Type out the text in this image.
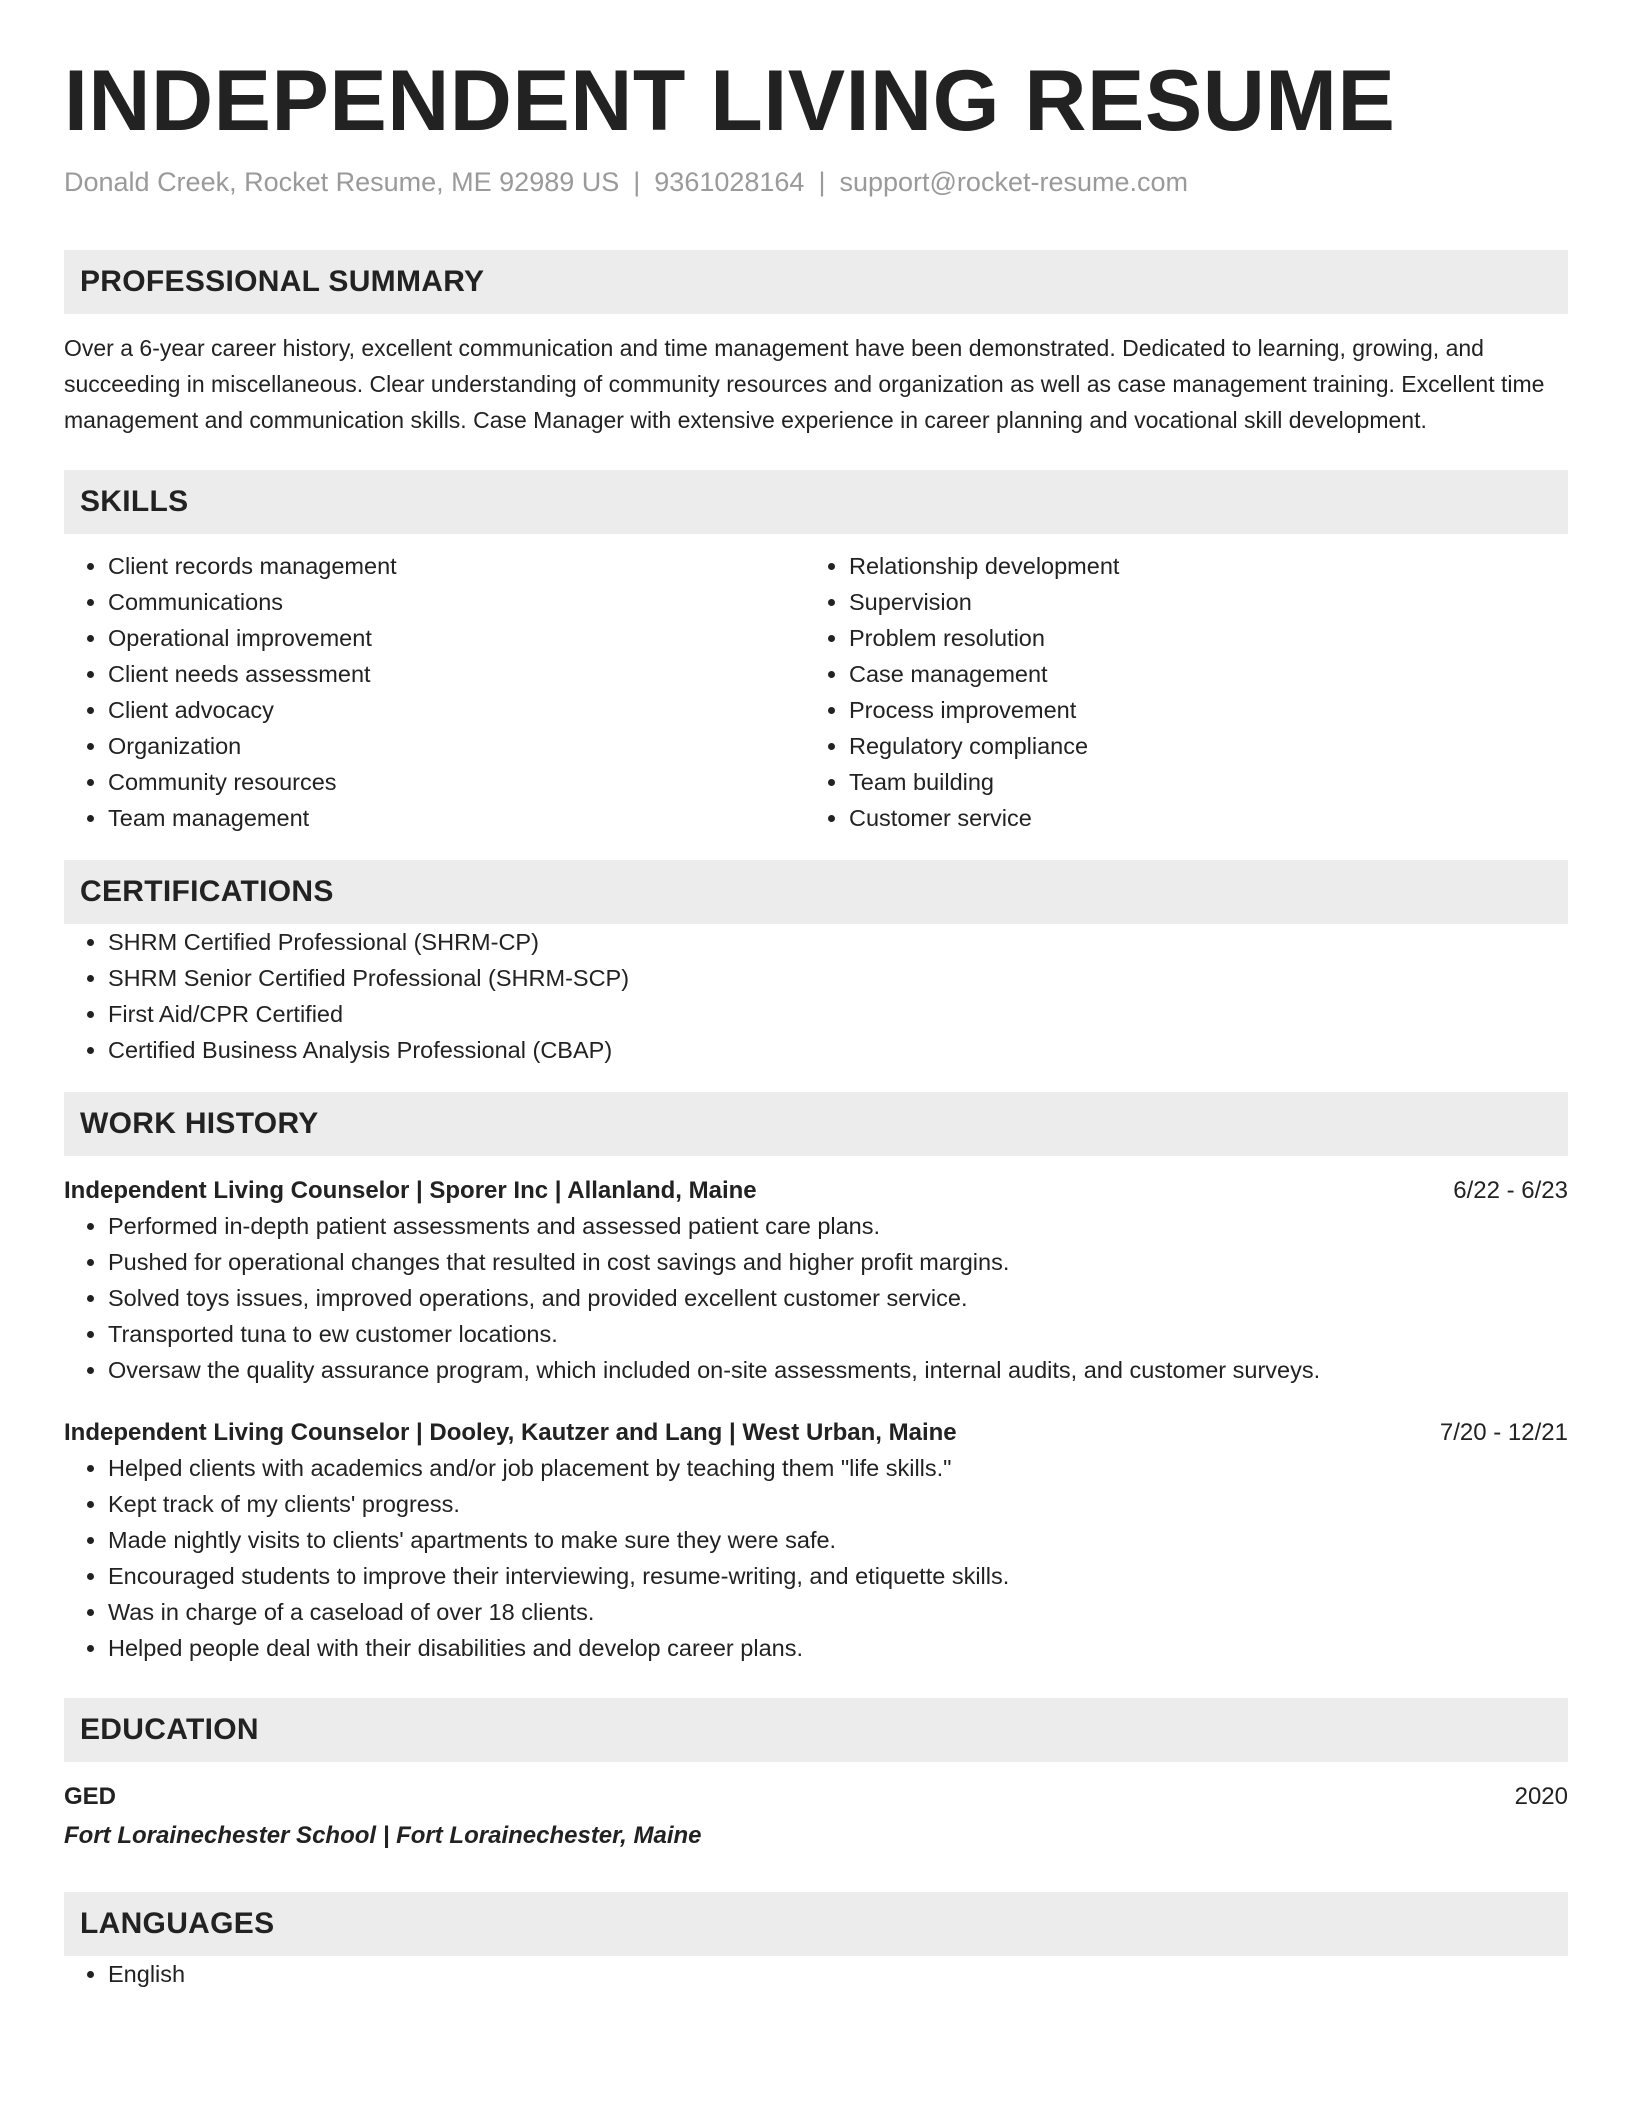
INDEPENDENT LIVING RESUME
Donald Creek, Rocket Resume, ME 92989 US | 9361028164 | support@rocket-resume.com
PROFESSIONAL SUMMARY
Over a 6-year career history, excellent communication and time management have been demonstrated. Dedicated to learning, growing, and succeeding in miscellaneous. Clear understanding of community resources and organization as well as case management training. Excellent time management and communication skills. Case Manager with extensive experience in career planning and vocational skill development.
SKILLS
• Client records management
• Communications
• Operational improvement
• Client needs assessment
• Client advocacy
• Organization
• Community resources
• Team management
• Relationship development
• Supervision
• Problem resolution
• Case management
• Process improvement
• Regulatory compliance
• Team building
• Customer service
CERTIFICATIONS
• SHRM Certified Professional (SHRM-CP)
• SHRM Senior Certified Professional (SHRM-SCP)
• First Aid/CPR Certified
• Certified Business Analysis Professional (CBAP)
WORK HISTORY
Independent Living Counselor | Sporer Inc | Allanland, Maine	6/22 - 6/23
• Performed in-depth patient assessments and assessed patient care plans.
• Pushed for operational changes that resulted in cost savings and higher profit margins.
• Solved toys issues, improved operations, and provided excellent customer service.
• Transported tuna to ew customer locations.
• Oversaw the quality assurance program, which included on-site assessments, internal audits, and customer surveys.
Independent Living Counselor | Dooley, Kautzer and Lang | West Urban, Maine	7/20 - 12/21
• Helped clients with academics and/or job placement by teaching them "life skills."
• Kept track of my clients' progress.
• Made nightly visits to clients' apartments to make sure they were safe.
• Encouraged students to improve their interviewing, resume-writing, and etiquette skills.
• Was in charge of a caseload of over 18 clients.
• Helped people deal with their disabilities and develop career plans.
EDUCATION
GED	2020
Fort Lorainechester School | Fort Lorainechester, Maine
LANGUAGES
• English
